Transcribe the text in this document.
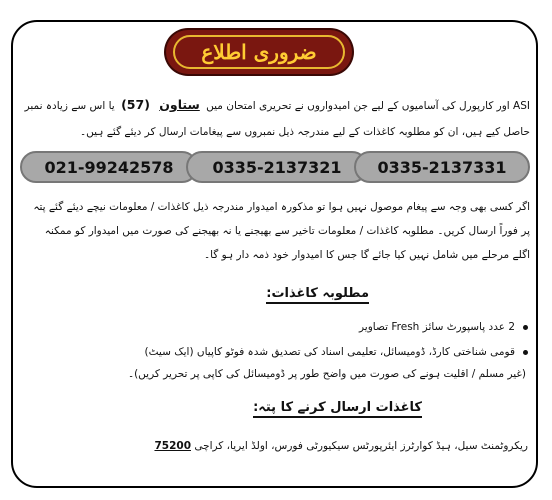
ضروری اطلاع
ASI اور کارپورل کی آسامیوں کے لیے جن امیدواروں نے تحریری امتحان میں ستاون (57) یا اس سے زیادہ نمبر حاصل کیے ہیں، ان کو مطلوبہ کاغذات کے لیے مندرجہ ذیل نمبروں سے پیغامات ارسال کر دیئے گئے ہیں۔
021-99242578	0335-2137321	0335-2137331
اگر کسی بھی وجہ سے پیغام موصول نہیں ہوا تو مذکورہ امیدوار مندرجہ ذیل کاغذات / معلومات نیچے دیئے گئے پتہ پر فوراً ارسال کریں۔ مطلوبہ کاغذات / معلومات تاخیر سے بھیجنے یا نہ بھیجنے کی صورت میں امیدوار کو ممکنہ اگلے مرحلے میں شامل نہیں کیا جائے گا جس کا امیدوار خود ذمہ دار ہو گا۔
مطلوبہ کاغذات:
2 عدد پاسپورٹ سائز Fresh تصاویر
قومی شناختی کارڈ، ڈومیسائل، تعلیمی اسناد کی تصدیق شدہ فوٹو کاپیاں (ایک سیٹ)
(غیر مسلم / اقلیت ہونے کی صورت میں واضح طور پر ڈومیسائل کی کاپی پر تحریر کریں)۔
کاغذات ارسال کرنے کا پتہ:
ریکروٹمنٹ سیل، ہیڈ کوارٹرز ایئرپورٹس سیکیورٹی فورس، اولڈ ایریا، کراچی 75200
